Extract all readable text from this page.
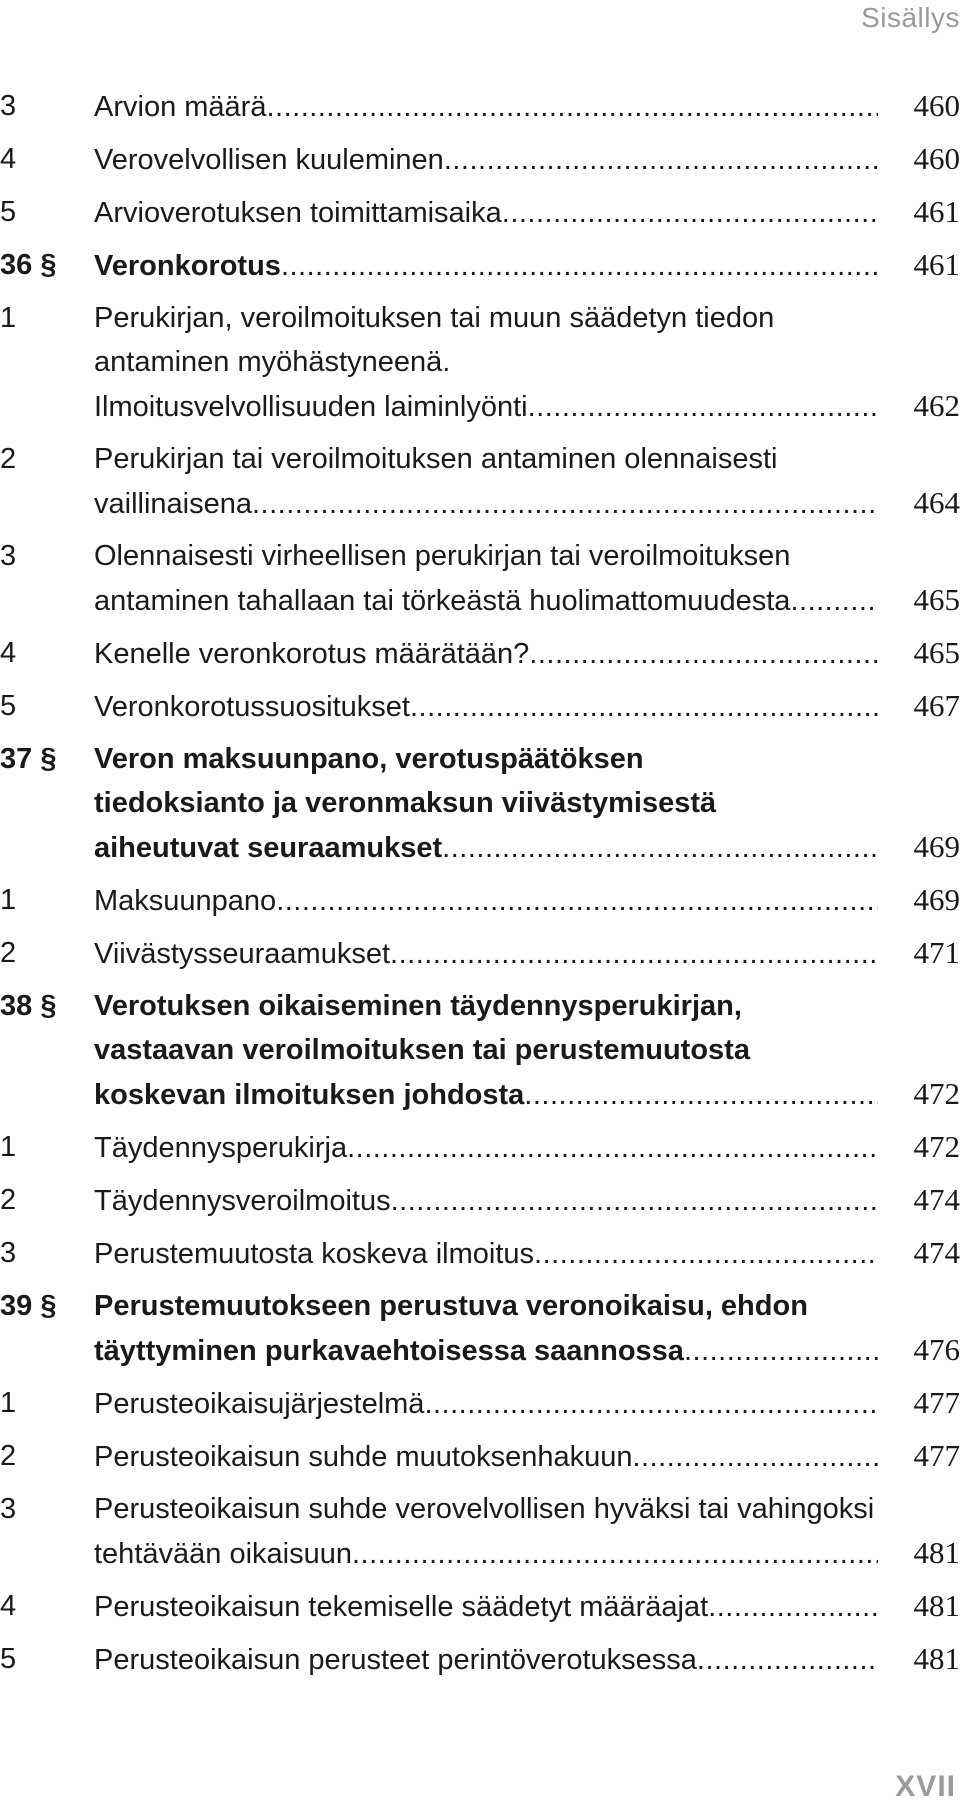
Sisällys
3	Arvion määrä .....	460
4	Verovelvollisen kuuleminen .....	460
5	Arvioverotuksen toimittamisaika .....	461
36 §	Veronkorotus .....	461
1	Perukirjan, veroilmoituksen tai muun säädetyn tiedon
antaminen myöhästyneenä.
Ilmoitusvelvollisuuden laiminlyönti .....	462
2	Perukirjan tai veroilmoituksen antaminen olennaisesti
vaillinaisena .....	464
3	Olennaisesti virheellisen perukirjan tai veroilmoituksen
antaminen tahallaan tai törkeästä huolimattomuudesta .....	465
4	Kenelle veronkorotus määrätään? .....	465
5	Veronkorotussuositukset .....	467
37 §	Veron maksuunpano, verotuspäätöksen
tiedoksianto ja veronmaksun viivästymisestä
aiheutuvat seuraamukset .....	469
1	Maksuunpano .....	469
2	Viivästysseuraamukset .....	471
38 §	Verotuksen oikaiseminen täydennysperukirjan,
vastaavan veroilmoituksen tai perustemuutosta
koskevan ilmoituksen johdosta .....	472
1	Täydennysperukirja .....	472
2	Täydennysveroilmoitus .....	474
3	Perustemuutosta koskeva ilmoitus .....	474
39 §	Perustemuutokseen perustuva veronoikaisu, ehdon
täyttyminen purkavaehtoisessa saannossa .....	476
1	Perusteoikaisujärjestelmä .....	477
2	Perusteoikaisun suhde muutoksenhakuun .....	477
3	Perusteoikaisun suhde verovelvollisen hyväksi tai vahingoksi
tehtävään oikaisuun .....	481
4	Perusteoikaisun tekemiselle säädetyt määräajat .....	481
5	Perusteoikaisun perusteet perintöverotuksessa .....	481
XVII
